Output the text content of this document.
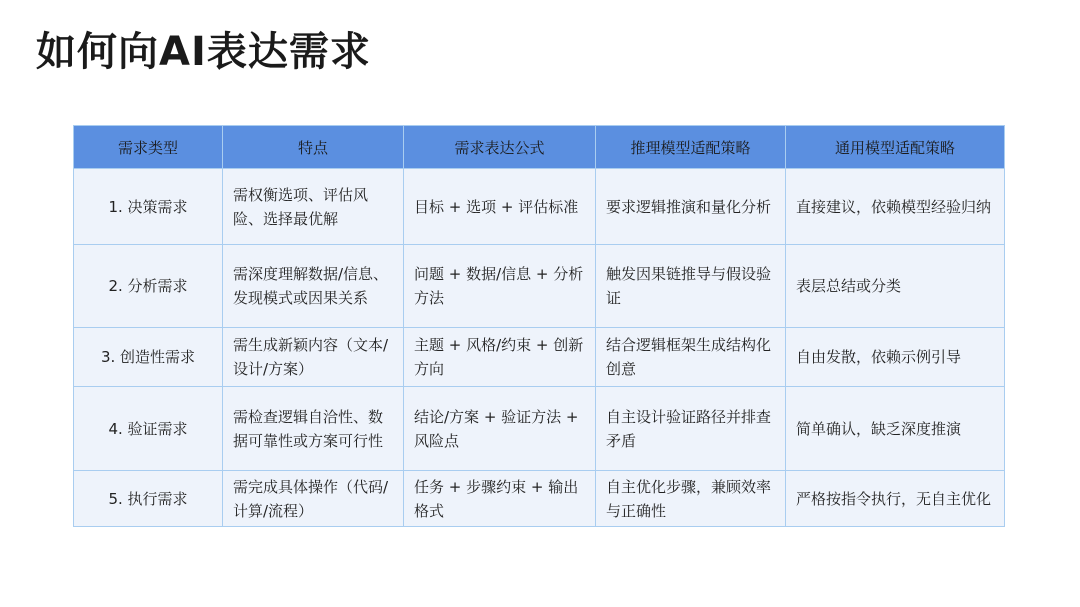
如何向AI表达需求
需求类型	特点	需求表达公式	推理模型适配策略	通用模型适配策略
1. 决策需求	需权衡选项、评估风险、选择最优解	目标 + 选项 + 评估标准	要求逻辑推演和量化分析	直接建议，依赖模型经验归纳
2. 分析需求	需深度理解数据/信息、发现模式或因果关系	问题 + 数据/信息 + 分析方法	触发因果链推导与假设验证	表层总结或分类
3. 创造性需求	需生成新颖内容（文本/设计/方案）	主题 + 风格/约束 + 创新方向	结合逻辑框架生成结构化创意	自由发散，依赖示例引导
4. 验证需求	需检查逻辑自洽性、数据可靠性或方案可行性	结论/方案 + 验证方法 + 风险点	自主设计验证路径并排查矛盾	简单确认，缺乏深度推演
5. 执行需求	需完成具体操作（代码/计算/流程）	任务 + 步骤约束 + 输出格式	自主优化步骤，兼顾效率与正确性	严格按指令执行，无自主优化
